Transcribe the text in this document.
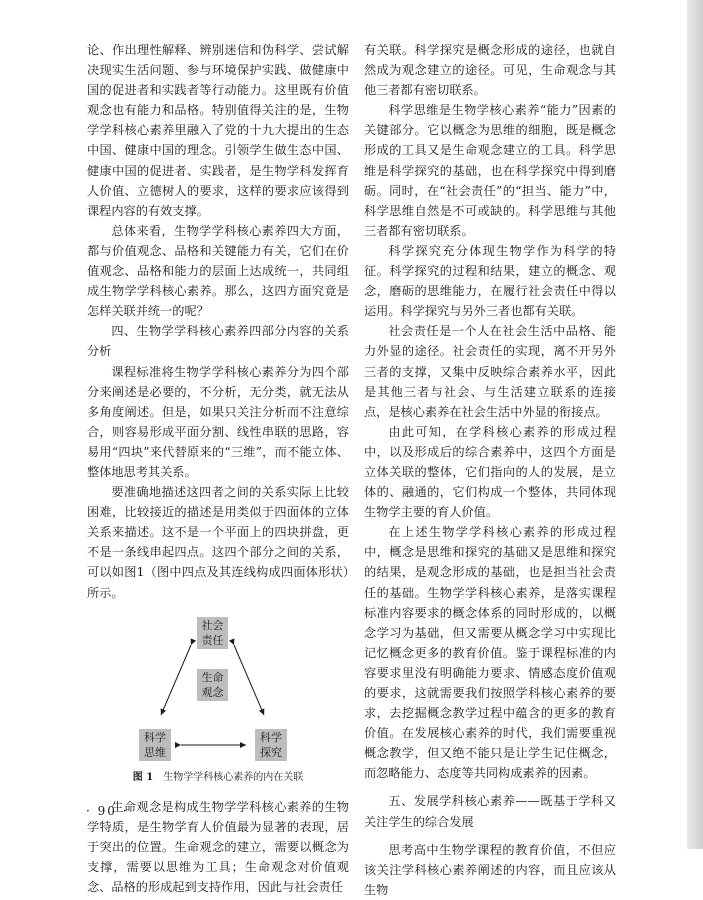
论、作出理性解释、辨别迷信和伪科学、尝试解决现实生活问题、参与环境保护实践、做健康中国的促进者和实践者等行动能力。这里既有价值观念也有能力和品格。特别值得关注的是，生物学学科核心素养里融入了党的十九大提出的生态中国、健康中国的理念。引领学生做生态中国、健康中国的促进者、实践者，是生物学科发挥育人价值、立德树人的要求，这样的要求应该得到课程内容的有效支撑。

总体来看，生物学学科核心素养四大方面，都与价值观念、品格和关键能力有关，它们在价值观念、品格和能力的层面上达成统一，共同组成生物学学科核心素养。那么，这四方面究竟是怎样关联并统一的呢？

四、生物学学科核心素养四部分内容的关系分析

课程标准将生物学学科核心素养分为四个部分来阐述是必要的，不分析，无分类，就无法从多角度阐述。但是，如果只关注分析而不注意综合，则容易形成平面分割、线性串联的思路，容易用“四块”来代替原来的“三维”，而不能立体、整体地思考其关系。

要准确地描述这四者之间的关系实际上比较困难，比较接近的描述是用类似于四面体的立体关系来描述。这不是一个平面上的四块拼盘，更不是一条线串起四点。这四个部分之间的关系，可以如图1（图中四点及其连线构成四面体形状）所示。

社会
责任
生命
观念
科学
思维
科学
探究
图 1 生物学学科核心素养的内在关联

生命观念是构成生物学学科核心素养的生物学特质，是生物学育人价值最为显著的表现，居于突出的位置。生命观念的建立，需要以概念为支撑，需要以思维为工具；生命观念对价值观念、品格的形成起到支持作用，因此与社会责任

有关联。科学探究是概念形成的途径，也就自然成为观念建立的途径。可见，生命观念与其他三者都有密切联系。

科学思维是生物学核心素养“能力”因素的关键部分。它以概念为思维的细胞，既是概念形成的工具又是生命观念建立的工具。科学思维是科学探究的基础，也在科学探究中得到磨砺。同时，在“社会责任”的“担当、能力”中，科学思维自然是不可或缺的。科学思维与其他三者都有密切联系。

科学探究充分体现生物学作为科学的特征。科学探究的过程和结果，建立的概念、观念，磨砺的思维能力，在履行社会责任中得以运用。科学探究与另外三者也都有关联。

社会责任是一个人在社会生活中品格、能力外显的途径。社会责任的实现，离不开另外三者的支撑，又集中反映综合素养水平，因此是其他三者与社会、与生活建立联系的连接点，是核心素养在社会生活中外显的衔接点。

由此可知，在学科核心素养的形成过程中，以及形成后的综合素养中，这四个方面是立体关联的整体，它们指向的人的发展，是立体的、融通的，它们构成一个整体，共同体现生物学主要的育人价值。

在上述生物学学科核心素养的形成过程中，概念是思维和探究的基础又是思维和探究的结果，是观念形成的基础，也是担当社会责任的基础。生物学学科核心素养，是落实课程标准内容要求的概念体系的同时形成的，以概念学习为基础，但又需要从概念学习中实现比记忆概念更多的教育价值。鉴于课程标准的内容要求里没有明确能力要求、情感态度价值观的要求，这就需要我们按照学科核心素养的要求，去挖掘概念教学过程中蕴含的更多的教育价值。在发展核心素养的时代，我们需要重视概念教学，但又绝不能只是让学生记住概念，而忽略能力、态度等共同构成素养的因素。

五、发展学科核心素养——既基于学科又关注学生的综合发展

思考高中生物学课程的教育价值，不但应该关注学科核心素养阐述的内容，而且应该从生物

· 90 ·
